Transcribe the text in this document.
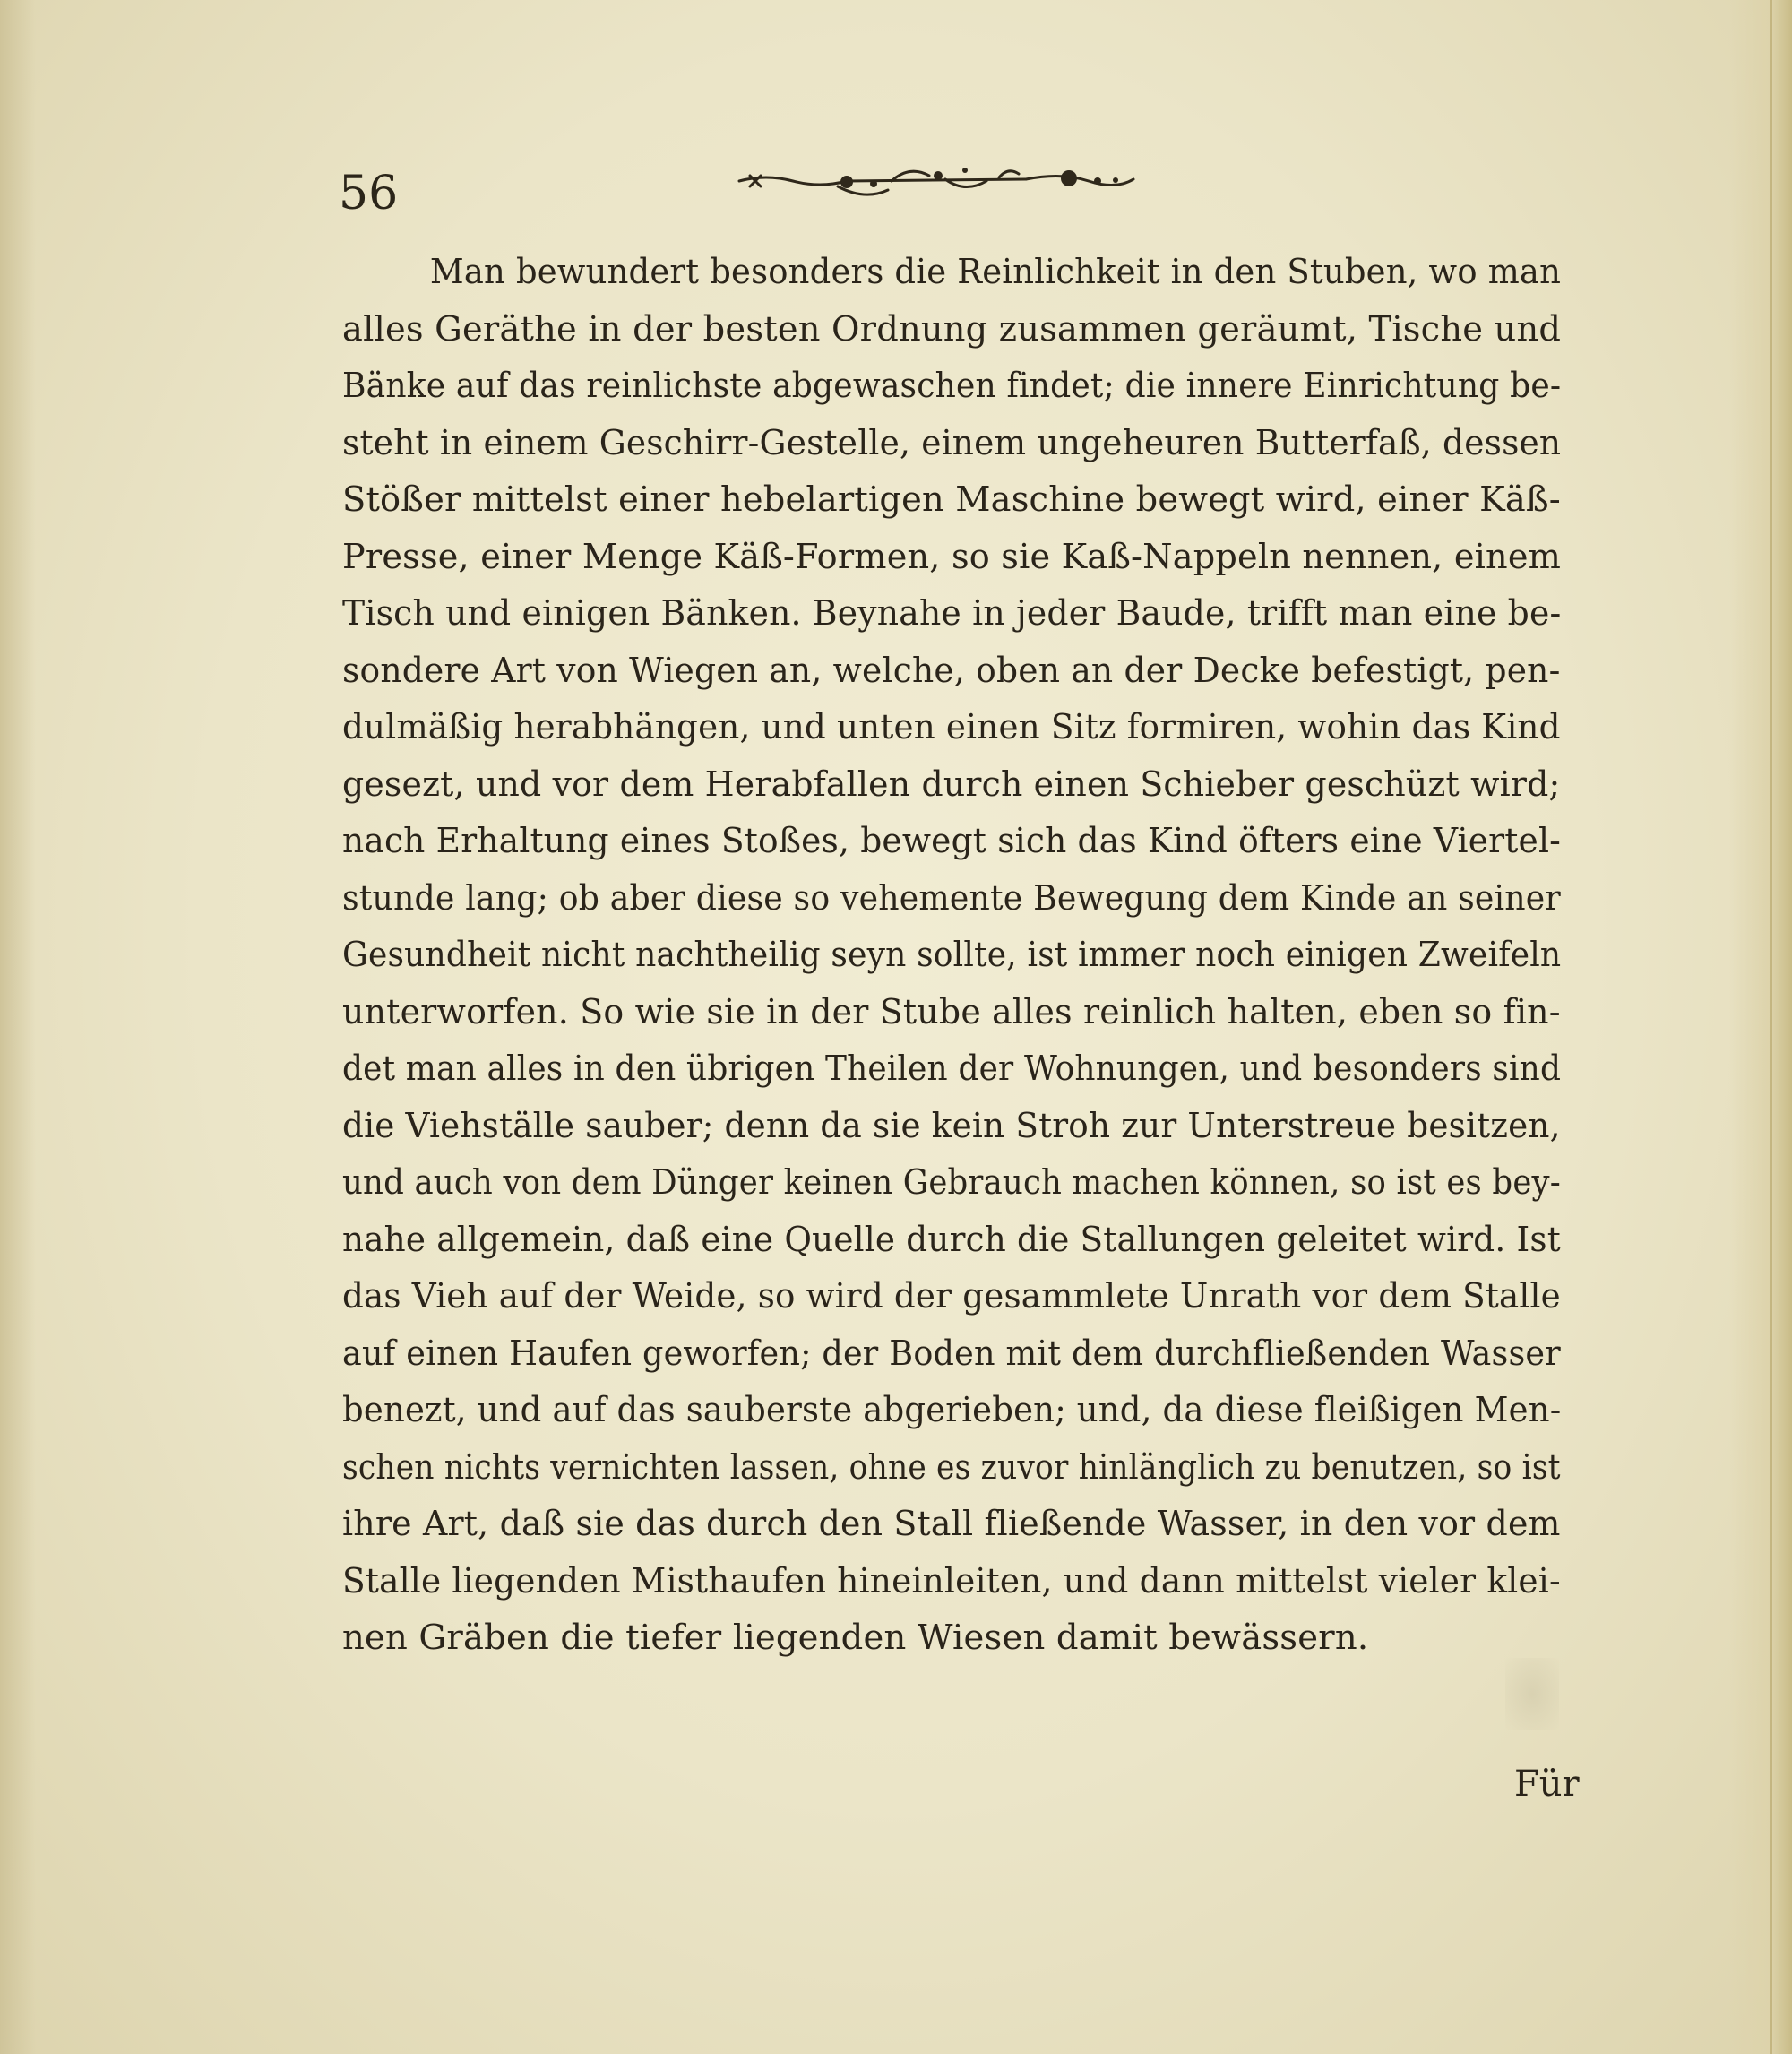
56
Man bewundert besonders die Reinlichkeit in den Stuben, wo man
alles Geräthe in der besten Ordnung zusammen geräumt, Tische und
Bänke auf das reinlichste abgewaschen findet; die innere Einrichtung be-
steht in einem Geschirr-Gestelle, einem ungeheuren Butterfaß, dessen
Stößer mittelst einer hebelartigen Maschine bewegt wird, einer Käß-
Presse, einer Menge Käß-Formen, so sie Kaß-Nappeln nennen, einem
Tisch und einigen Bänken. Beynahe in jeder Baude, trifft man eine be-
sondere Art von Wiegen an, welche, oben an der Decke befestigt, pen-
dulmäßig herabhängen, und unten einen Sitz formiren, wohin das Kind
gesezt, und vor dem Herabfallen durch einen Schieber geschüzt wird;
nach Erhaltung eines Stoßes, bewegt sich das Kind öfters eine Viertel-
stunde lang; ob aber diese so vehemente Bewegung dem Kinde an seiner
Gesundheit nicht nachtheilig seyn sollte, ist immer noch einigen Zweifeln
unterworfen. So wie sie in der Stube alles reinlich halten, eben so fin-
det man alles in den übrigen Theilen der Wohnungen, und besonders sind
die Viehställe sauber; denn da sie kein Stroh zur Unterstreue besitzen,
und auch von dem Dünger keinen Gebrauch machen können, so ist es bey-
nahe allgemein, daß eine Quelle durch die Stallungen geleitet wird. Ist
das Vieh auf der Weide, so wird der gesammlete Unrath vor dem Stalle
auf einen Haufen geworfen; der Boden mit dem durchfließenden Wasser
benezt, und auf das sauberste abgerieben; und, da diese fleißigen Men-
schen nichts vernichten lassen, ohne es zuvor hinlänglich zu benutzen, so ist
ihre Art, daß sie das durch den Stall fließende Wasser, in den vor dem
Stalle liegenden Misthaufen hineinleiten, und dann mittelst vieler klei-
nen Gräben die tiefer liegenden Wiesen damit bewässern.
Für
